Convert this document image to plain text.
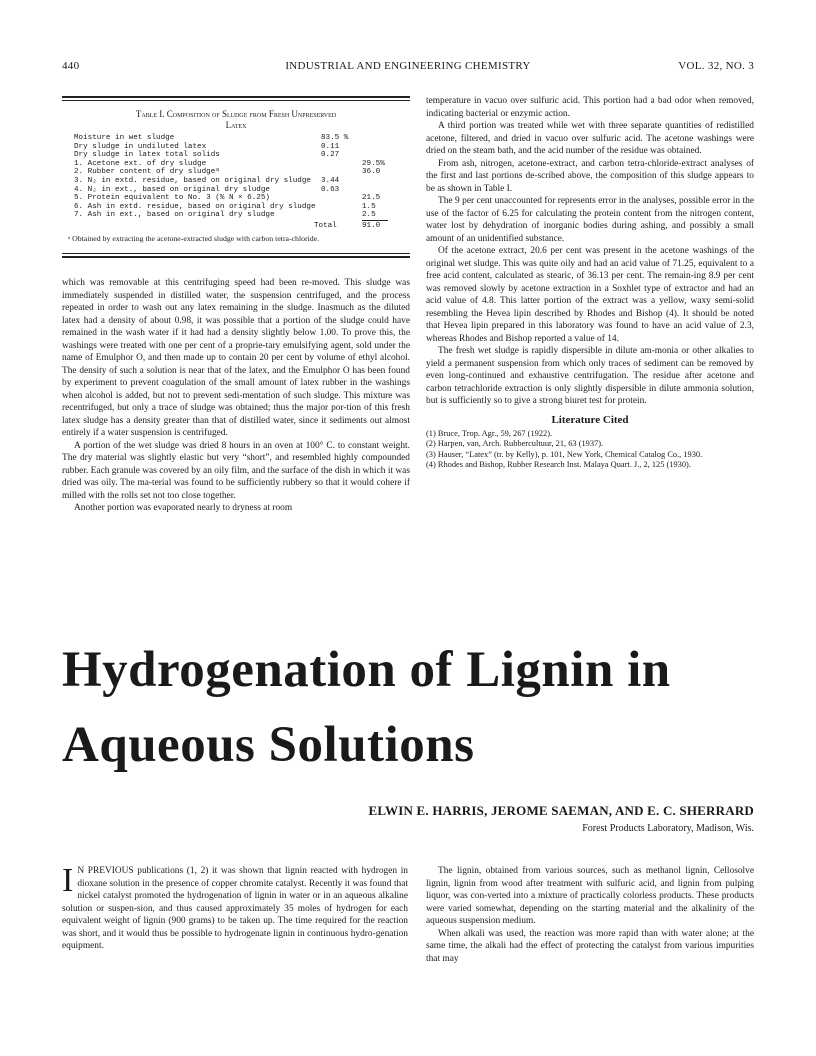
440	INDUSTRIAL AND ENGINEERING CHEMISTRY	VOL. 32, NO. 3
Table I. Composition of Sludge from Fresh Unpreserved
Latex
Moisture in wet sludge	83.5 %
Dry sludge in undiluted latex	0.11
Dry sludge in latex total solids	0.27
1. Acetone ext. of dry sludge	29.5%
2. Rubber content of dry sludgeᵃ	36.0
3. N₂ in extd. residue, based on original dry sludge 3.44
4. N₂ in ext., based on original dry sludge	0.63
5. Protein equivalent to No. 3 (% N × 6.25)	21.5
6. Ash in extd. residue, based on original dry sludge	1.5
7. Ash in ext., based on original dry sludge	2.5
Total	91.0
ᵃ Obtained by extracting the acetone-extracted sludge with carbon tetra-chloride.

which was removable at this centrifuging speed had been re-moved. This sludge was immediately suspended in distilled water, the suspension centrifuged, and the process repeated in order to wash out any latex remaining in the sludge. Inasmuch as the diluted latex had a density of about 0.98, it was possible that a portion of the sludge could have remained in the wash water if it had had a density slightly below 1.00. To prove this, the washings were treated with one per cent of a proprie-tary emulsifying agent, sold under the name of Emulphor O, and then made up to contain 20 per cent by volume of ethyl alcohol. The density of such a solution is near that of the latex, and the Emulphor O has been found by experiment to prevent coagulation of the small amount of latex rubber in the washings when alcohol is added, but not to prevent sedi-mentation of such sludge. This mixture was recentrifuged, but only a trace of sludge was obtained; thus the major por-tion of this fresh latex sludge has a density greater than that of distilled water, since it sediments out almost entirely if a water suspension is centrifuged.

A portion of the wet sludge was dried 8 hours in an oven at 100° C. to constant weight. The dry material was slightly elastic but very “short”, and resembled highly compounded rubber. Each granule was covered by an oily film, and the surface of the dish in which it was dried was oily. The ma-terial was found to be sufficiently rubbery so that it would cohere if milled with the rolls set not too close together.

Another portion was evaporated nearly to dryness at room

temperature in vacuo over sulfuric acid. This portion had a bad odor when removed, indicating bacterial or enzymic action.

A third portion was treated while wet with three separate quantities of redistilled acetone, filtered, and dried in vacuo over sulfuric acid. The acetone washings were dried on the steam bath, and the acid number of the residue was obtained.

From ash, nitrogen, acetone-extract, and carbon tetra-chloride-extract analyses of the first and last portions de-scribed above, the composition of this sludge appears to be as shown in Table I.

The 9 per cent unaccounted for represents error in the analyses, possible error in the use of the factor of 6.25 for calculating the protein content from the nitrogen content, water lost by dehydration of inorganic bodies during ashing, and possibly a small amount of an unidentified substance.

Of the acetone extract, 20.6 per cent was present in the acetone washings of the original wet sludge. This was quite oily and had an acid value of 71.25, equivalent to a free acid content, calculated as stearic, of 36.13 per cent. The remain-ing 8.9 per cent was removed slowly by acetone extraction in a Soxhlet type of extractor and had an acid value of 4.8. This latter portion of the extract was a yellow, waxy semi-solid resembling the Hevea lipin described by Rhodes and Bishop (4). It should be noted that Hevea lipin prepared in this laboratory was found to have an acid value of 2.3, whereas Rhodes and Bishop reported a value of 14.

The fresh wet sludge is rapidly dispersible in dilute am-monia or other alkalies to yield a permanent suspension from which only traces of sediment can be removed by even long-continued and exhaustive centrifugation. The residue after acetone and carbon tetrachloride extraction is only slightly dispersible in dilute ammonia solution, but is sufficiently so to give a strong biuret test for protein.

Literature Cited

(1) Bruce, Trop. Agr., 59, 267 (1922).

(2) Harpen, van, Arch. Rubbercultuur, 21, 63 (1937).

(3) Hauser, “Latex” (tr. by Kelly), p. 101, New York, Chemical Catalog Co., 1930.

(4) Rhodes and Bishop, Rubber Research Inst. Malaya Quart. J., 2, 125 (1930).

Hydrogenation of Lignin in
Aqueous Solutions
ELWIN E. HARRIS, JEROME SAEMAN, AND E. C. SHERRARD
Forest Products Laboratory, Madison, Wis.

I N PREVIOUS publications (1, 2) it was shown that lignin reacted with hydrogen in dioxane solution in the presence of copper chromite catalyst. Recently it was found that nickel catalyst promoted the hydrogenation of lignin in water or in an aqueous alkaline solution or suspen-sion, and thus caused approximately 35 moles of hydrogen for each equivalent weight of lignin (900 grams) to be taken up. The time required for the reaction was short, and it would thus be possible to hydrogenate lignin in continuous hydro-genation equipment.

The lignin, obtained from various sources, such as methanol lignin, Cellosolve lignin, lignin from wood after treatment with sulfuric acid, and lignin from pulping liquor, was con-verted into a mixture of practically colorless products. These products were varied somewhat, depending on the starting material and the alkalinity of the aqueous suspension medium.

When alkali was used, the reaction was more rapid than with water alone; at the same time, the alkali had the effect of protecting the catalyst from various impurities that may
